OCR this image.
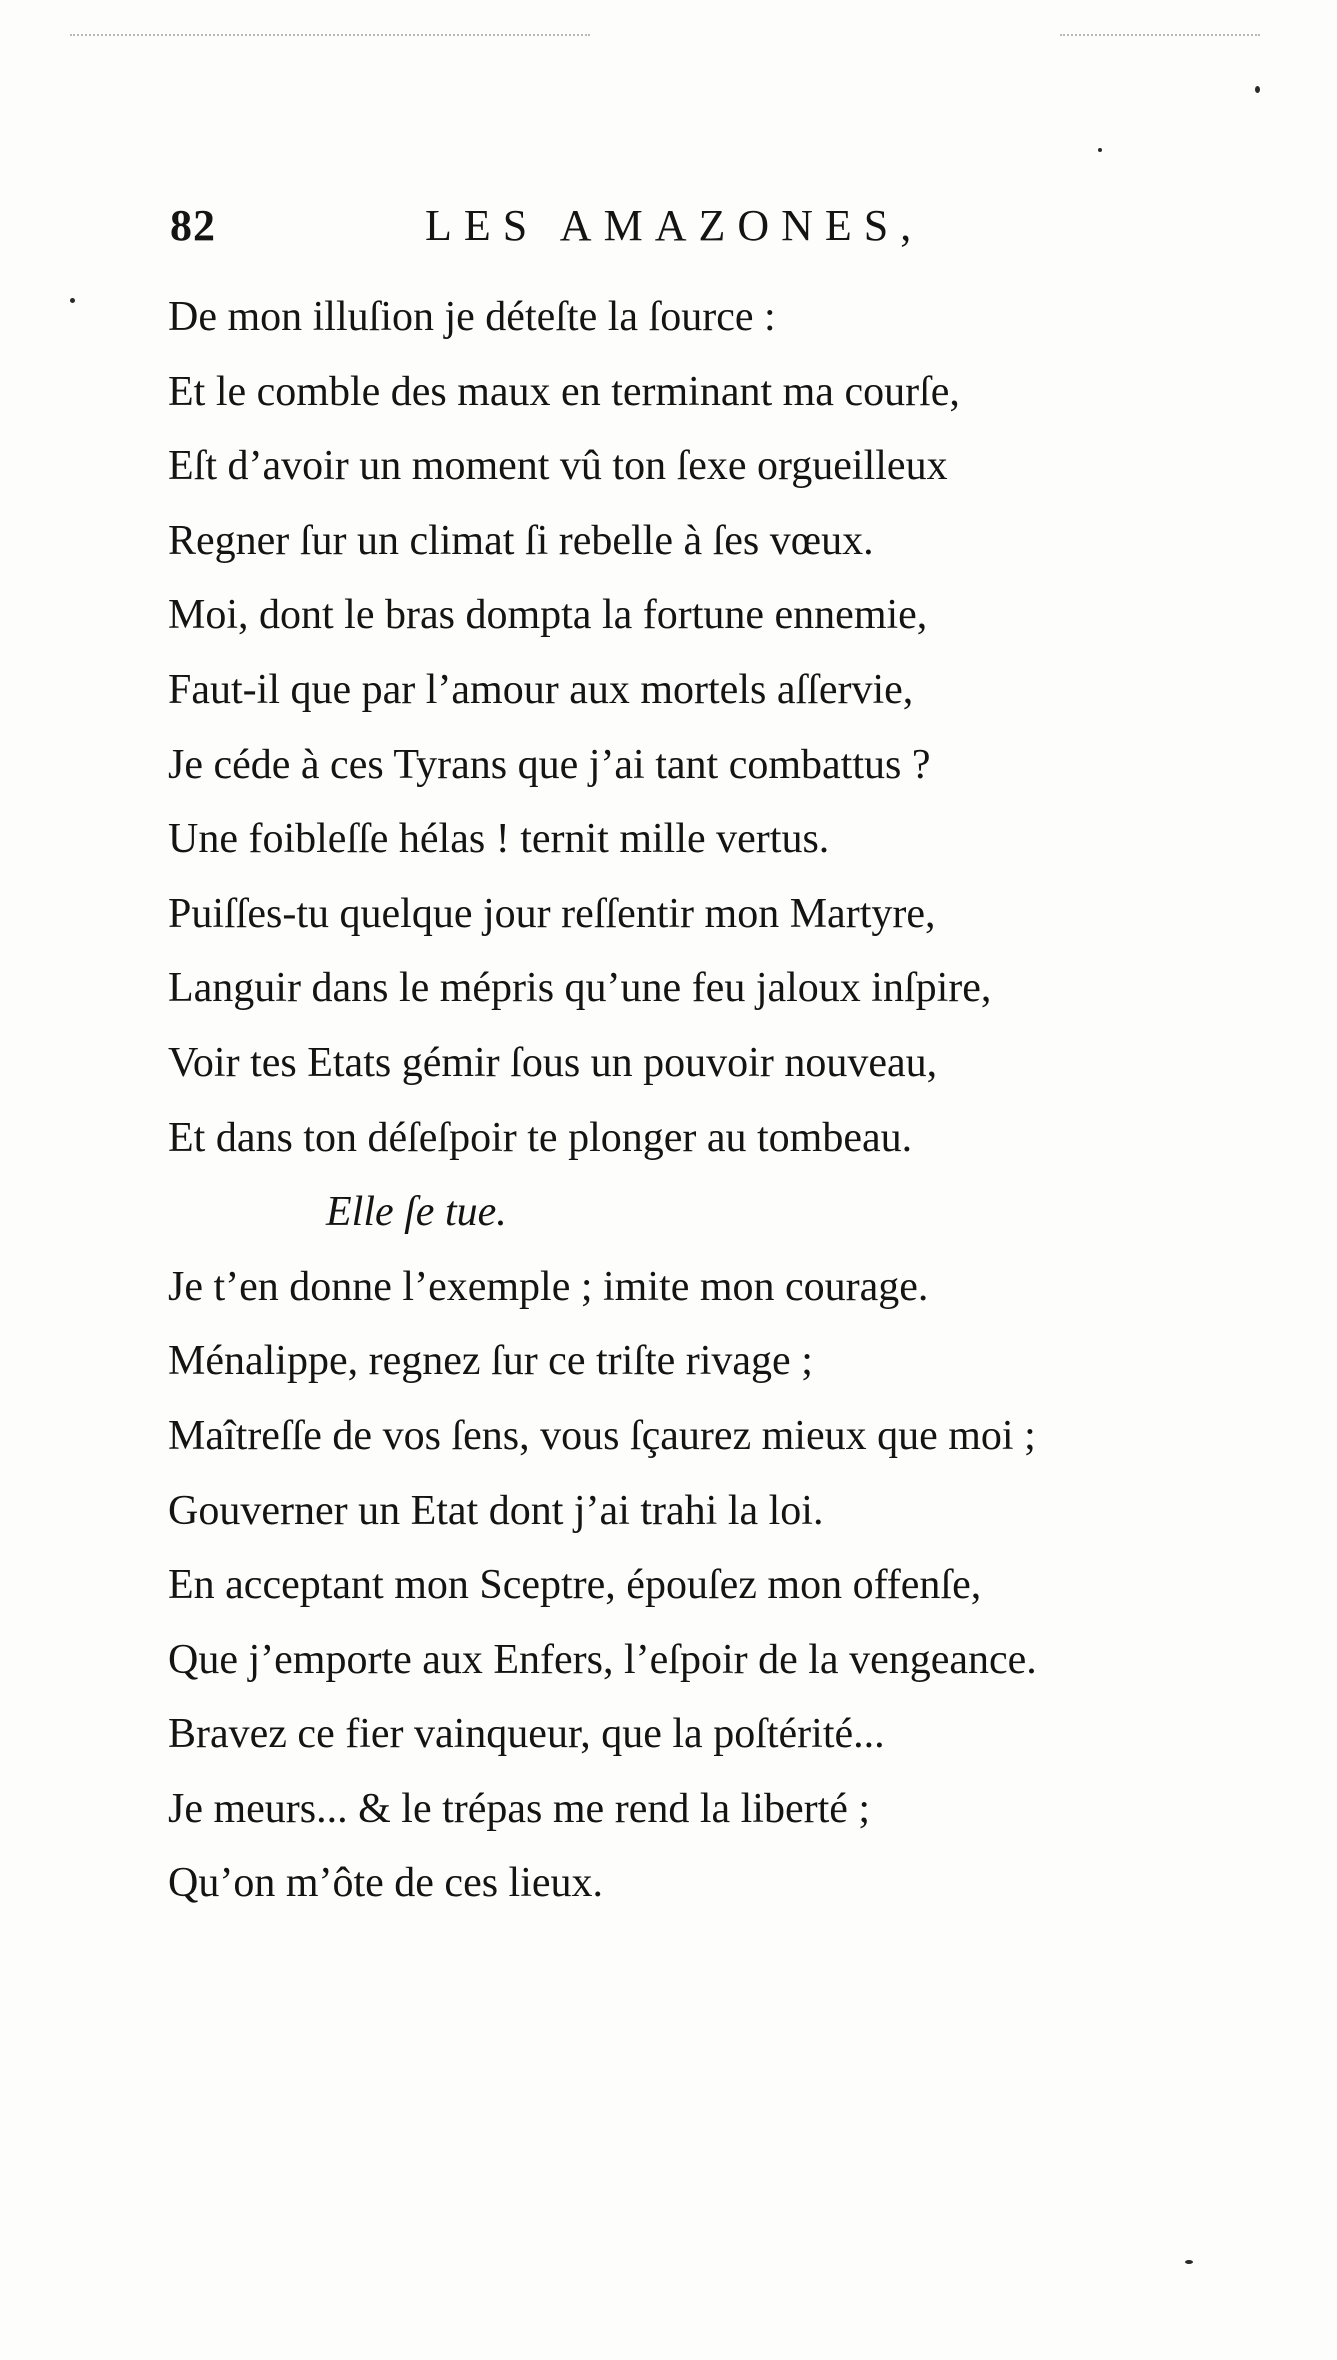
82	LES AMAZONES,
De mon illuſion je déteſte la ſource :
Et le comble des maux en terminant ma courſe,
Eſt d’avoir un moment vû ton ſexe orgueilleux
Regner ſur un climat ſi rebelle à ſes vœux.
Moi, dont le bras dompta la fortune ennemie,
Faut-il que par l’amour aux mortels aſſervie,
Je céde à ces Tyrans que j’ai tant combattus ?
Une foibleſſe hélas ! ternit mille vertus.
Puiſſes-tu quelque jour reſſentir mon Martyre,
Languir dans le mépris qu’une feu jaloux inſpire,
Voir tes Etats gémir ſous un pouvoir nouveau,
Et dans ton déſeſpoir te plonger au tombeau.
Elle ſe tue.
Je t’en donne l’exemple ; imite mon courage.
Ménalippe, regnez ſur ce triſte rivage ;
Maîtreſſe de vos ſens, vous ſçaurez mieux que moi ;
Gouverner un Etat dont j’ai trahi la loi.
En acceptant mon Sceptre, épouſez mon offenſe,
Que j’emporte aux Enfers, l’eſpoir de la vengeance.
Bravez ce fier vainqueur, que la poſtérité...
Je meurs... & le trépas me rend la liberté ;
Qu’on m’ôte de ces lieux.
